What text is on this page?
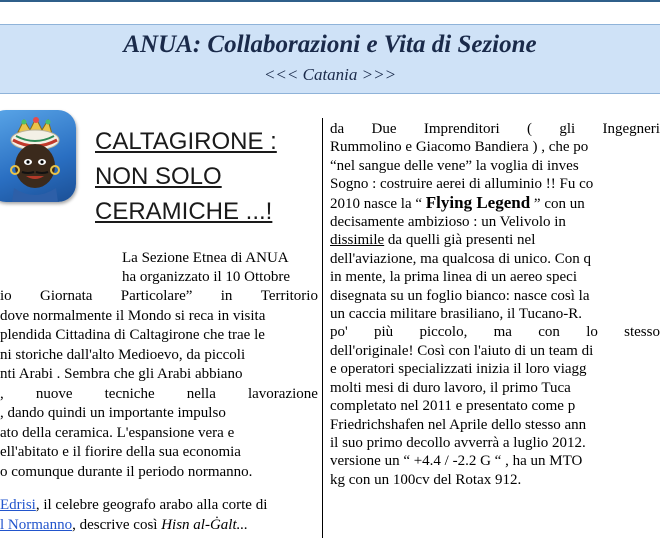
ANUA: Collaborazioni e Vita di Sezione
<<< Catania >>>
CALTAGIRONE :
NON SOLO
CERAMICHE ...!
La Sezione Etnea di ANUA
ha organizzato il 10 Ottobre
io Giornata Particolare” in Territorio
dove normalmente il Mondo si reca in visita
plendida Cittadina di Caltagirone che trae le
ni storiche dall'alto Medioevo, da piccoli
nti Arabi . Sembra che gli Arabi abbiano
, nuove tecniche nella lavorazione
, dando quindi un importante impulso
ato della ceramica. L'espansione vera e
ell'abitato e il fiorire della sua economia
o comunque durante il periodo normanno.
Edrisi, il celebre geografo arabo alla corte di
l Normanno, descrive così Hisn al-Ġalt...
da Due Imprenditori ( gli Ingegneri
Rummolino e Giacomo Bandiera ) , che po
“nel sangue delle vene” la voglia di inves
Sogno : costruire aerei di alluminio !! Fu co
2010 nasce la “ Flying Legend ” con un
decisamente ambizioso : un Velivolo in
dissimile da quelli già presenti nel
dell'aviazione, ma qualcosa di unico. Con q
in mente, la prima linea di un aereo speci
disegnata su un foglio bianco: nasce così la
un caccia militare brasiliano, il Tucano-R.
po' più piccolo, ma con lo stesso
dell'originale! Così con l'aiuto di un team di
e operatori specializzati inizia il loro viagg
molti mesi di duro lavoro, il primo Tuca
completato nel 2011 e presentato come p
Friedrichshafen nel Aprile dello stesso ann
il suo primo decollo avverrà a luglio 2012.
versione un “ +4.4 / -2.2 G “ , ha un MTO
kg con un 100cv del Rotax 912.
